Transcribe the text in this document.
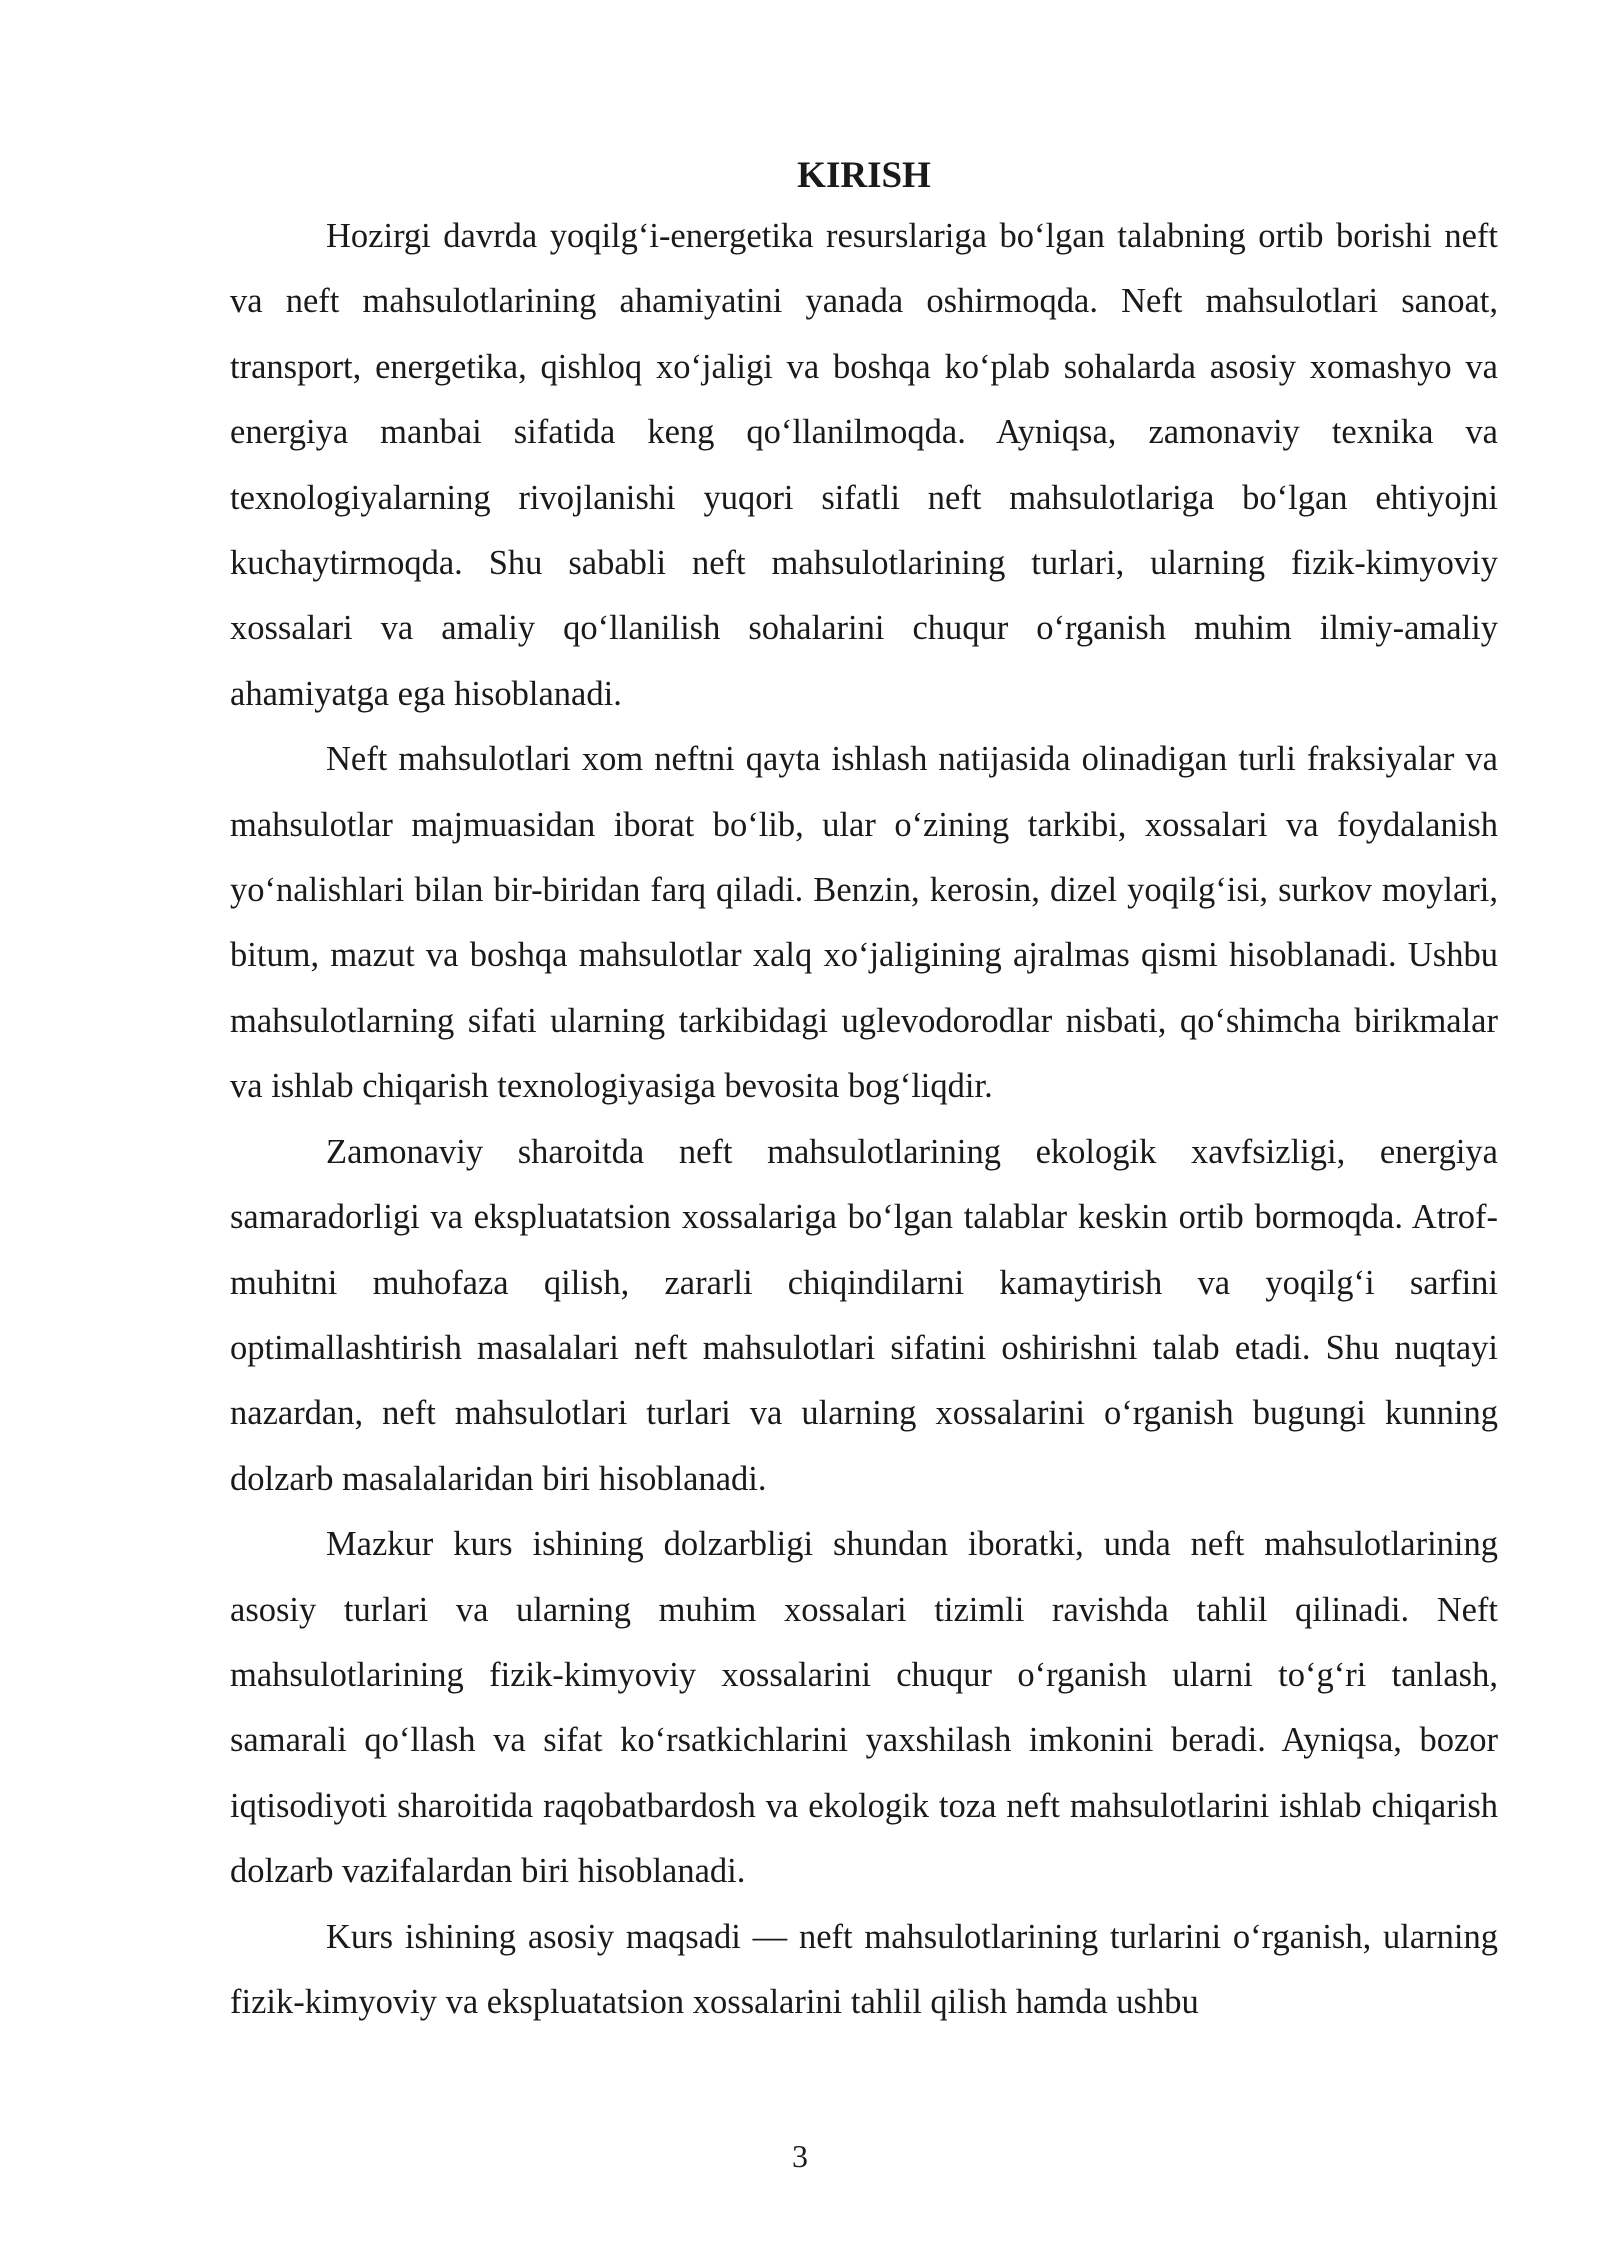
KIRISH

Hozirgi davrda yoqilg‘i-energetika resurslariga bo‘lgan talabning ortib borishi neft va neft mahsulotlarining ahamiyatini yanada oshirmoqda. Neft mahsulotlari sanoat, transport, energetika, qishloq xo‘jaligi va boshqa ko‘plab sohalarda asosiy xomashyo va energiya manbai sifatida keng qo‘llanilmoqda. Ayniqsa, zamonaviy texnika va texnologiyalarning rivojlanishi yuqori sifatli neft mahsulotlariga bo‘lgan ehtiyojni kuchaytirmoqda. Shu sababli neft mahsulotlarining turlari, ularning fizik-kimyoviy xossalari va amaliy qo‘llanilish sohalarini chuqur o‘rganish muhim ilmiy-amaliy ahamiyatga ega hisoblanadi.

Neft mahsulotlari xom neftni qayta ishlash natijasida olinadigan turli fraksiyalar va mahsulotlar majmuasidan iborat bo‘lib, ular o‘zining tarkibi, xossalari va foydalanish yo‘nalishlari bilan bir-biridan farq qiladi. Benzin, kerosin, dizel yoqilg‘isi, surkov moylari, bitum, mazut va boshqa mahsulotlar xalq xo‘jaligining ajralmas qismi hisoblanadi. Ushbu mahsulotlarning sifati ularning tarkibidagi uglevodorodlar nisbati, qo‘shimcha birikmalar va ishlab chiqarish texnologiyasiga bevosita bog‘liqdir.

Zamonaviy sharoitda neft mahsulotlarining ekologik xavfsizligi, energiya samaradorligi va ekspluatatsion xossalariga bo‘lgan talablar keskin ortib bormoqda. Atrof-muhitni muhofaza qilish, zararli chiqindilarni kamaytirish va yoqilg‘i sarfini optimallashtirish masalalari neft mahsulotlari sifatini oshirishni talab etadi. Shu nuqtayi nazardan, neft mahsulotlari turlari va ularning xossalarini o‘rganish bugungi kunning dolzarb masalalaridan biri hisoblanadi.

Mazkur kurs ishining dolzarbligi shundan iboratki, unda neft mahsulotlarining asosiy turlari va ularning muhim xossalari tizimli ravishda tahlil qilinadi. Neft mahsulotlarining fizik-kimyoviy xossalarini chuqur o‘rganish ularni to‘g‘ri tanlash, samarali qo‘llash va sifat ko‘rsatkichlarini yaxshilash imkonini beradi. Ayniqsa, bozor iqtisodiyoti sharoitida raqobatbardosh va ekologik toza neft mahsulotlarini ishlab chiqarish dolzarb vazifalardan biri hisoblanadi.

Kurs ishining asosiy maqsadi — neft mahsulotlarining turlarini o‘rganish, ularning fizik-kimyoviy va ekspluatatsion xossalarini tahlil qilish hamda ushbu

3
